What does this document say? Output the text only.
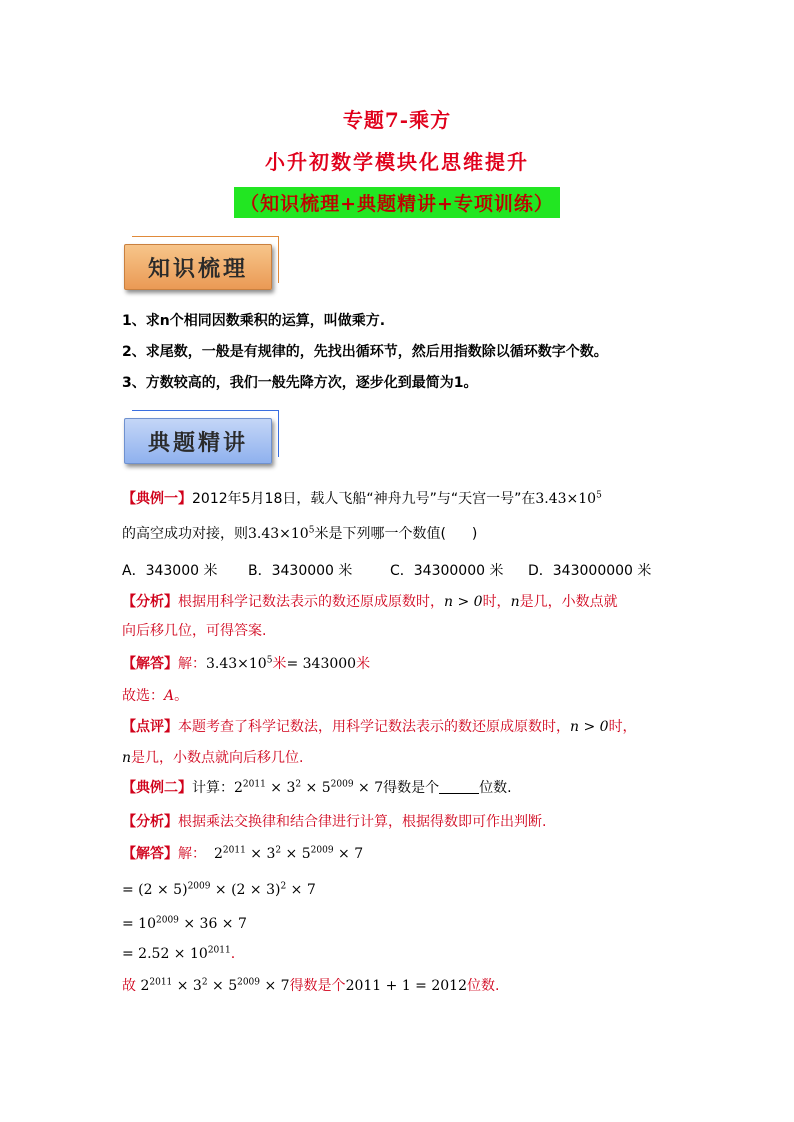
专题7-乘方
小升初数学模块化思维提升
（知识梳理+典题精讲+专项训练）
知识梳理
1、求n个相同因数乘积的运算，叫做乘方.
2、求尾数，一般是有规律的，先找出循环节，然后用指数除以循环数字个数。
3、方数较高的，我们一般先降方次，逐步化到最简为1。
典题精讲
【典例一】2012年5月18日，载人飞船“神舟九号”与“天宫一号”在$3.43\times 10^5$
的高空成功对接，则$3.43\times 10^5$米是下列哪一个数值( )
A．343000 米 B．3430000 米	C．34300000 米 D．343000000 米
【分析】根据用科学记数法表示的数还原成原数时，n > 0时，n是几，小数点就
向后移几位，可得答案.
【解答】解：$3.43\times 10^5$米= 343000米
故选：A。
【点评】本题考查了科学记数法，用科学记数法表示的数还原成原数时，n > 0时，
n是几，小数点就向后移几位.
【典例二】计算：$2^{2011} \times 3^2 \times 5^{2009} \times 7$得数是个	位数.
【分析】根据乘法交换律和结合律进行计算，根据得数即可作出判断.
【解答】解： $2^{2011} \times 3^2 \times 5^{2009} \times 7$
= $(2 \times 5)^{2009} \times (2 \times 3)^2 \times 7$
= $10^{2009} \times 36 \times 7$
= $2.52 \times 10^{2011}$.
故 $2^{2011} \times 3^2 \times 5^{2009} \times 7$得数是个2011 + 1 = 2012位数.
